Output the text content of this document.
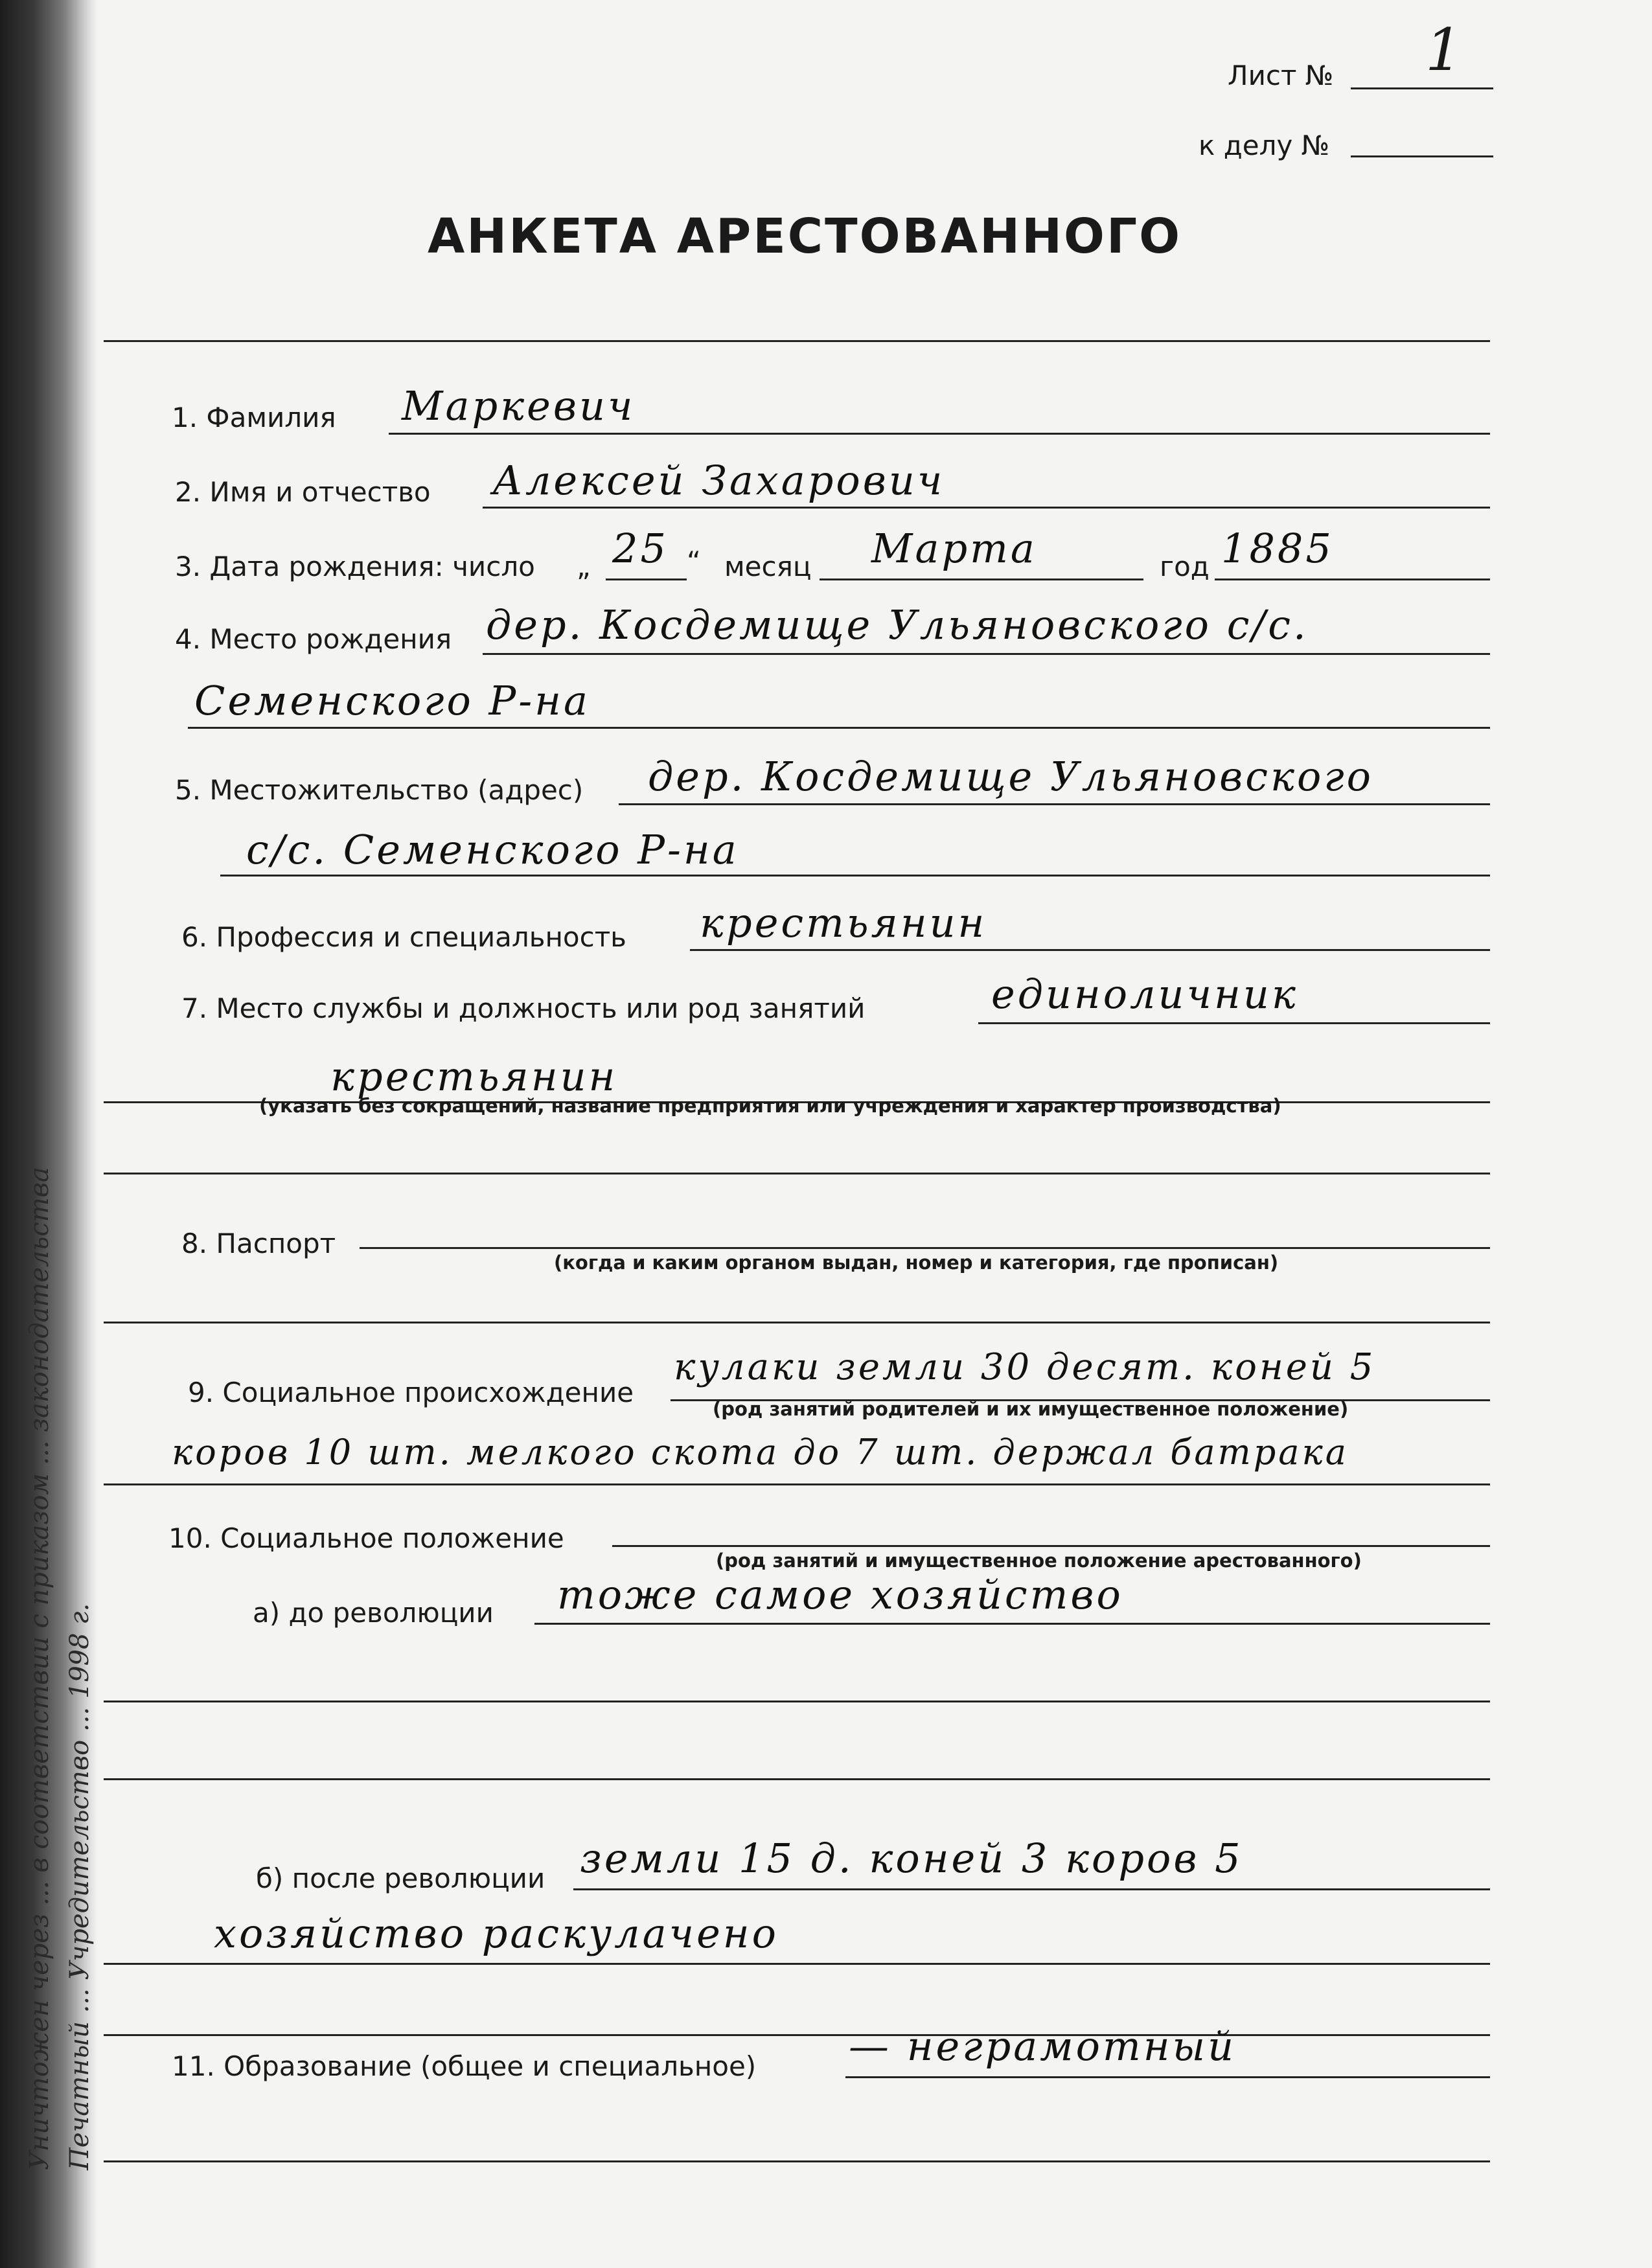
Уничтожен через ... в соответствии с приказом ... законодательства Печатный ... Учредительство ... 1998 г.
Лист № 1
к делу №
АНКЕТА АРЕСТОВАННОГО
1. Фамилия Маркевич
2. Имя и отчество Алексей Захарович
3. Дата рождения: число „ 25 “ месяц Марта	год 1885
4. Место рождения дер. Косдемище Ульяновского с/с.
Семенского Р-на
5. Местожительство (адрес) дер. Косдемище Ульяновского
с/с. Семенского Р-на
6. Профессия и специальность крестьянин
7. Место службы и должность или род занятий	единоличник
крестьянин
(указать без сокращений, название предприятия или учреждения и характер производства)
8. Паспорт
(когда и каким органом выдан, номер и категория, где прописан)
9. Социальное происхождение
кулаки земли 30 десят. коней 5
(род занятий родителей и их имущественное положение)
коров 10 шт. мелкого скота до 7 шт. держал батрака
10. Социальное положение
(род занятий и имущественное положение арестованного)
а) до революции тоже самое хозяйство
б) после революции земли 15 д. коней 3 коров 5
хозяйство раскулачено
11. Образование (общее и специальное) — неграмотный
